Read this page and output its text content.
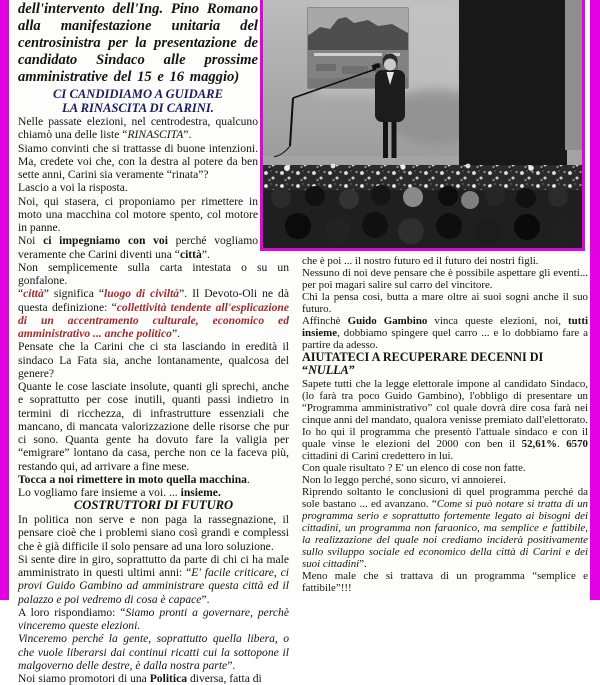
dell'intervento dell'Ing. Pino Romano alla manifestazione unitaria del centrosinistra per la presentazione de candidato Sindaco alle prossime amministrative del 15 e 16 maggio)

CI CANDIDIAMO A GUIDARE
LA RINASCITA DI CARINI.

Nelle passate elezioni, nel centrodestra, qualcuno chiamò una delle liste “RINASCITA”.

Siamo convinti che si trattasse di buone intenzioni. Ma, credete voi che, con la destra al potere da ben sette anni, Carini sia veramente “rinata”?

Lascio a voi la risposta.

Noi, qui stasera, ci proponiamo per rimettere in moto una macchina col motore spento, col motore in panne.

Noi ci impegniamo con voi perché vogliamo veramente che Carini diventi una “città”.

Non semplicemente sulla carta intestata o su un gonfalone.

“città” significa “luogo di civiltà”. Il Devoto-Oli ne dà questa definizione: “collettività tendente all'esplicazione di un accentramento culturale, economico ed amministrativo ... anche politico”.

Pensate che la Carini che ci sta lasciando in eredità il sindaco La Fata sia, anche lontanamente, qualcosa del genere?

Quante le cose lasciate insolute, quanti gli sprechi, anche e soprattutto per cose inutili, quanti passi indietro in termini di ricchezza, di infrastrutture essenziali che mancano, di mancata valorizzazione delle risorse che pur ci sono. Quanta gente ha dovuto fare la valigia per “emigrare” lontano da casa, perche non ce la faceva più, restando qui, ad arrivare a fine mese.

Tocca a noi rimettere in moto quella macchina.

Lo vogliamo fare insieme a voi. ... insieme.

COSTRUTTORI DI FUTURO

In politica non serve e non paga la rassegnazione, il pensare cioè che i problemi siano così grandi e complessi che è già difficile il solo pensare ad una loro soluzione.

Si sente dire in giro, soprattutto da parte di chi ci ha male amministrato in questi ultimi anni: “E' facile criticare, ci provi Guido Gambino ad amministrare questa città ed il palazzo e poi vedremo di cosa è capace”.

A loro rispondiamo: “Siamo pronti a governare, perchè vinceremo queste elezioni.

Vinceremo perché la gente, soprattutto quella libera, o che vuole liberarsi dai continui ricatti cui la sottopone il malgoverno delle destre, è dalla nostra parte”.

Noi siamo promotori di una Politica diversa, fatta di

che è poi ... il nostro futuro ed il futuro dei nostri figli.

Nessuno di noi deve pensare che è possibile aspettare gli eventi... per poi magari salire sul carro del vincitore.

Chi la pensa così, butta a mare oltre ai suoi sogni anche il suo futuro.

Affinchè Guido Gambino vinca queste elezioni, noi, tutti insieme, dobbiamo spingere quel carro ... e lo dobbiamo fare a partire da adesso.

AIUTATECI A RECUPERARE DECENNI DI “NULLA”

Sapete tutti che la legge elettorale impone al candidato Sindaco, (lo farà tra poco Guido Gambino), l'obbligo di presentare un “Programma amministrativo” col quale dovrà dire cosa farà nei cinque anni del mandato, qualora venisse premiato dall'elettorato.

Io ho qui il programma che presentò l'attuale sindaco e con il quale vinse le elezioni del 2000 con ben il 52,61%. 6570 cittadini di Carini credettero in lui.

Con quale risultato ? E' un elenco di cose non fatte.

Non lo leggo perché, sono sicuro, vi annoierei.

Riprendo soltanto le conclusioni di quel programma perché da sole bastano ... ed avanzano. “Come si può notare si tratta di un programma serio e soprattutto fortemente legato ai bisogni dei cittadini, un programma non faraonico, ma semplice e fattibile, la realizzazione del quale noi crediamo inciderà positivamente sullo sviluppo sociale ed economico della città di Carini e dei suoi cittadini”.

Meno male che si trattava di un programma “semplice e fattibile”!!!
